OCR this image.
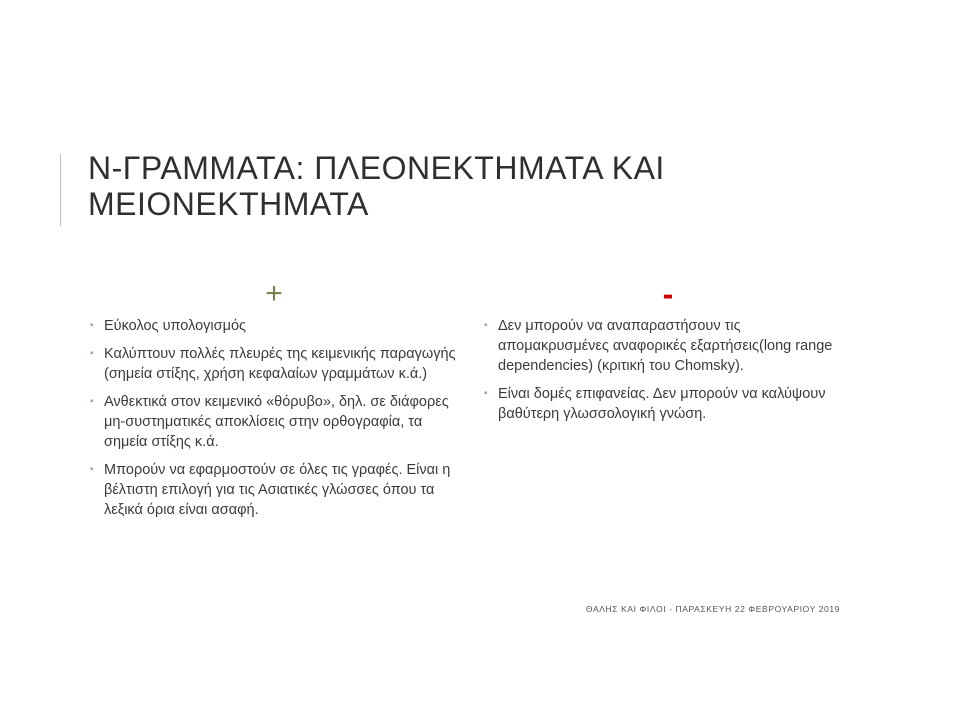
N-ΓΡΑΜΜΑΤΑ: ΠΛΕΟΝΕΚΤΗΜΑΤΑ ΚΑΙ ΜΕΙΟΝΕΚΤΗΜΑΤΑ
+
▪ Εύκολος υπολογισμός
▪ Καλύπτουν πολλές πλευρές της κειμενικής παραγωγής (σημεία στίξης, χρήση κεφαλαίων γραμμάτων κ.ά.)
▪ Ανθεκτικά στον κειμενικό «θόρυβο», δηλ. σε διάφορες μη-συστηματικές αποκλίσεις στην ορθογραφία, τα σημεία στίξης κ.ά.
▪ Μπορούν να εφαρμοστούν σε όλες τις γραφές. Είναι η βέλτιστη επιλογή για τις Ασιατικές γλώσσες όπου τα λεξικά όρια είναι ασαφή.
-
▪ Δεν μπορούν να αναπαραστήσουν τις απομακρυσμένες αναφορικές εξαρτήσεις(long range dependencies) (κριτική του Chomsky).
▪ Είναι δομές επιφανείας. Δεν μπορούν να καλύψουν βαθύτερη γλωσσολογική γνώση.
ΘΑΛΗΣ ΚΑΙ ΦΙΛΟΙ - ΠΑΡΑΣΚΕΥΗ 22 ΦΕΒΡΟΥΑΡΙΟΥ 2019
